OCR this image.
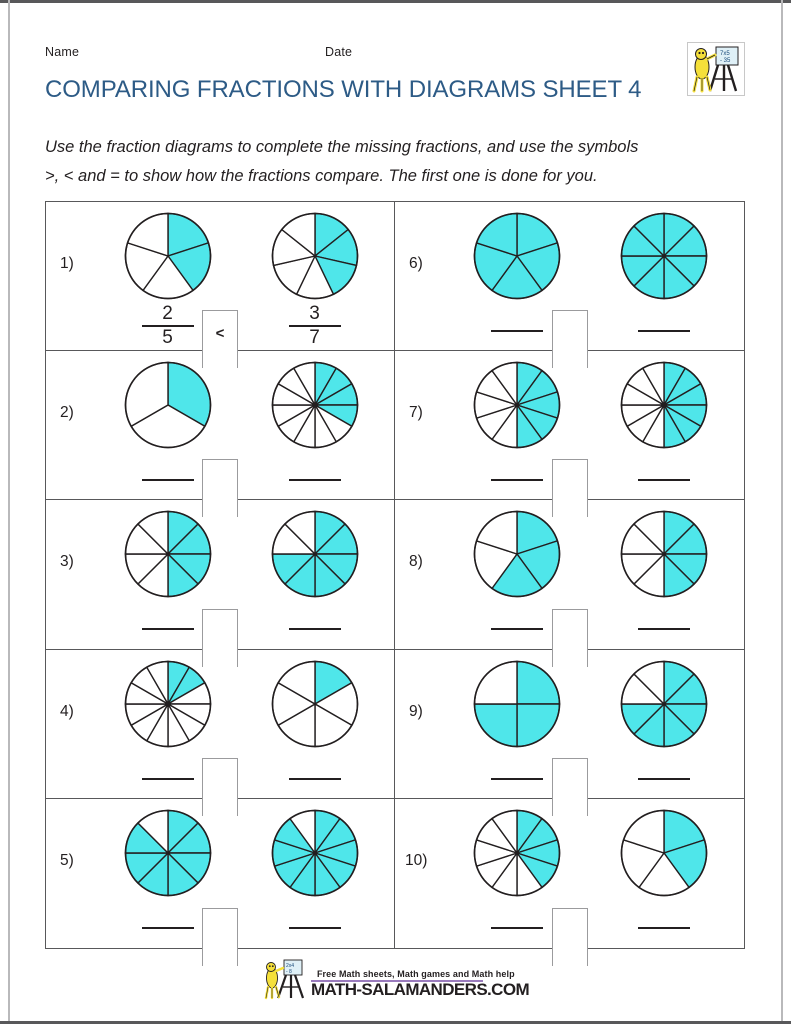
Name	Date	7x5
- 35
COMPARING FRACTIONS WITH DIAGRAMS SHEET 4
Use the fraction diagrams to complete the missing fractions, and use the symbols
>, < and = to show how the fractions compare. The first one is done for you.
1)
2
5
3
7
<
6)
2)	7)
3)	8)
4)	9)
5)	10)
2x4
- 8	Free Math sheets, Math games and Math help
MATH-SALAMANDERS.COM
